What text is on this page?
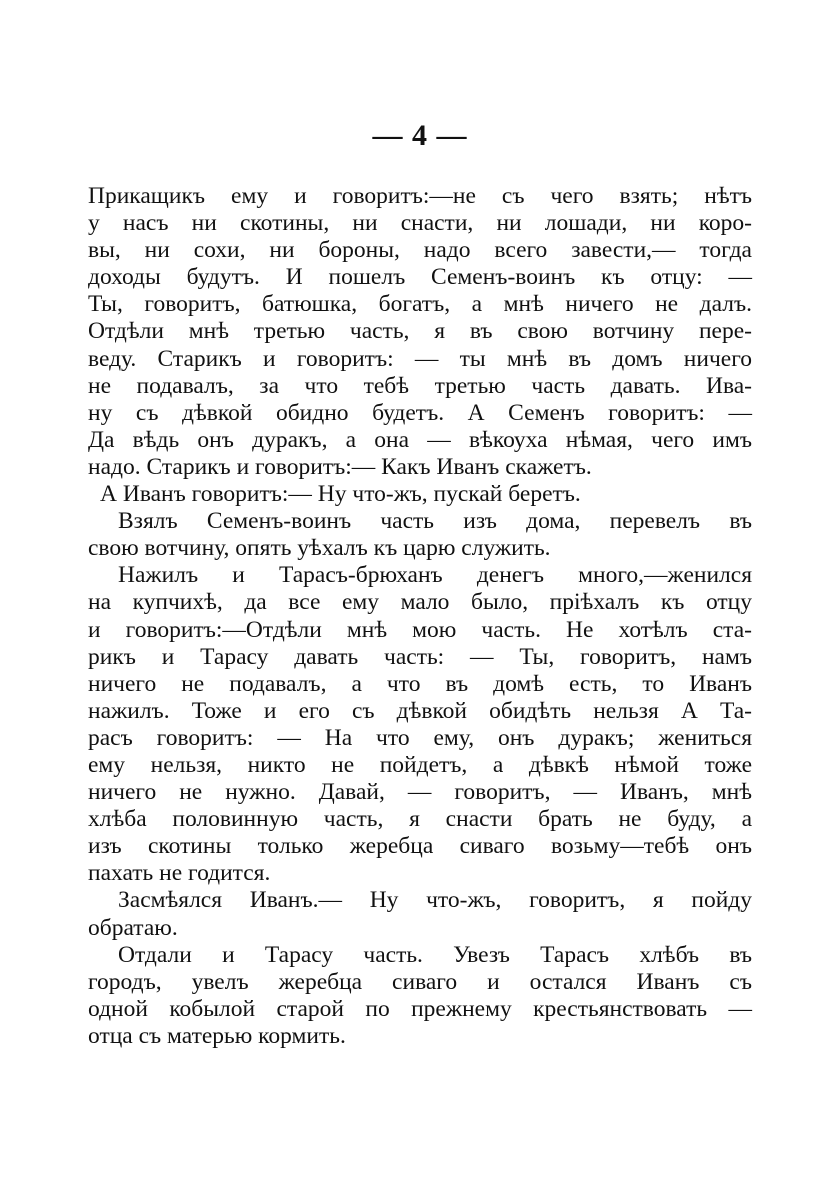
— 4 —
Прикащикъ ему и говоритъ:—не съ чего взять; нѣтъ
у насъ ни скотины, ни снасти, ни лошади, ни коро-
вы, ни сохи, ни бороны, надо всего завести,— тогда
доходы будутъ. И пошелъ Семенъ-воинъ къ отцу: —
Ты, говоритъ, батюшка, богатъ, а мнѣ ничего не далъ.
Отдѣли мнѣ третью часть, я въ свою вотчину пере-
веду. Старикъ и говоритъ: — ты мнѣ въ домъ ничего
не подавалъ, за что тебѣ третью часть давать. Ива-
ну съ дѣвкой обидно будетъ. А Семенъ говоритъ: —
Да вѣдь онъ дуракъ, а она — вѣкоуха нѣмая, чего имъ
надо. Старикъ и говоритъ:— Какъ Иванъ скажетъ.
А Иванъ говоритъ:— Ну что-жъ, пускай беретъ.
Взялъ Семенъ-воинъ часть изъ дома, перевелъ въ
свою вотчину, опять уѣхалъ къ царю служить.
Нажилъ и Тарасъ-брюханъ денегъ много,—женился
на купчихѣ, да все ему мало было, пріѣхалъ къ отцу
и говоритъ:—Отдѣли мнѣ мою часть. Не хотѣлъ ста-
рикъ и Тарасу давать часть: — Ты, говоритъ, намъ
ничего не подавалъ, а что въ домѣ есть, то Иванъ
нажилъ. Тоже и его съ дѣвкой обидѣть нельзя А Та-
расъ говоритъ: — На что ему, онъ дуракъ; жениться
ему нельзя, никто не пойдетъ, а дѣвкѣ нѣмой тоже
ничего не нужно. Давай, — говоритъ, — Иванъ, мнѣ
хлѣба половинную часть, я снасти брать не буду, а
изъ скотины только жеребца сиваго возьму—тебѣ онъ
пахать не годится.
Засмѣялся Иванъ.— Ну что-жъ, говоритъ, я пойду
обратаю.
Отдали и Тарасу часть. Увезъ Тарасъ хлѣбъ въ
городъ, увелъ жеребца сиваго и остался Иванъ съ
одной кобылой старой по прежнему крестьянствовать —
отца съ матерью кормить.
